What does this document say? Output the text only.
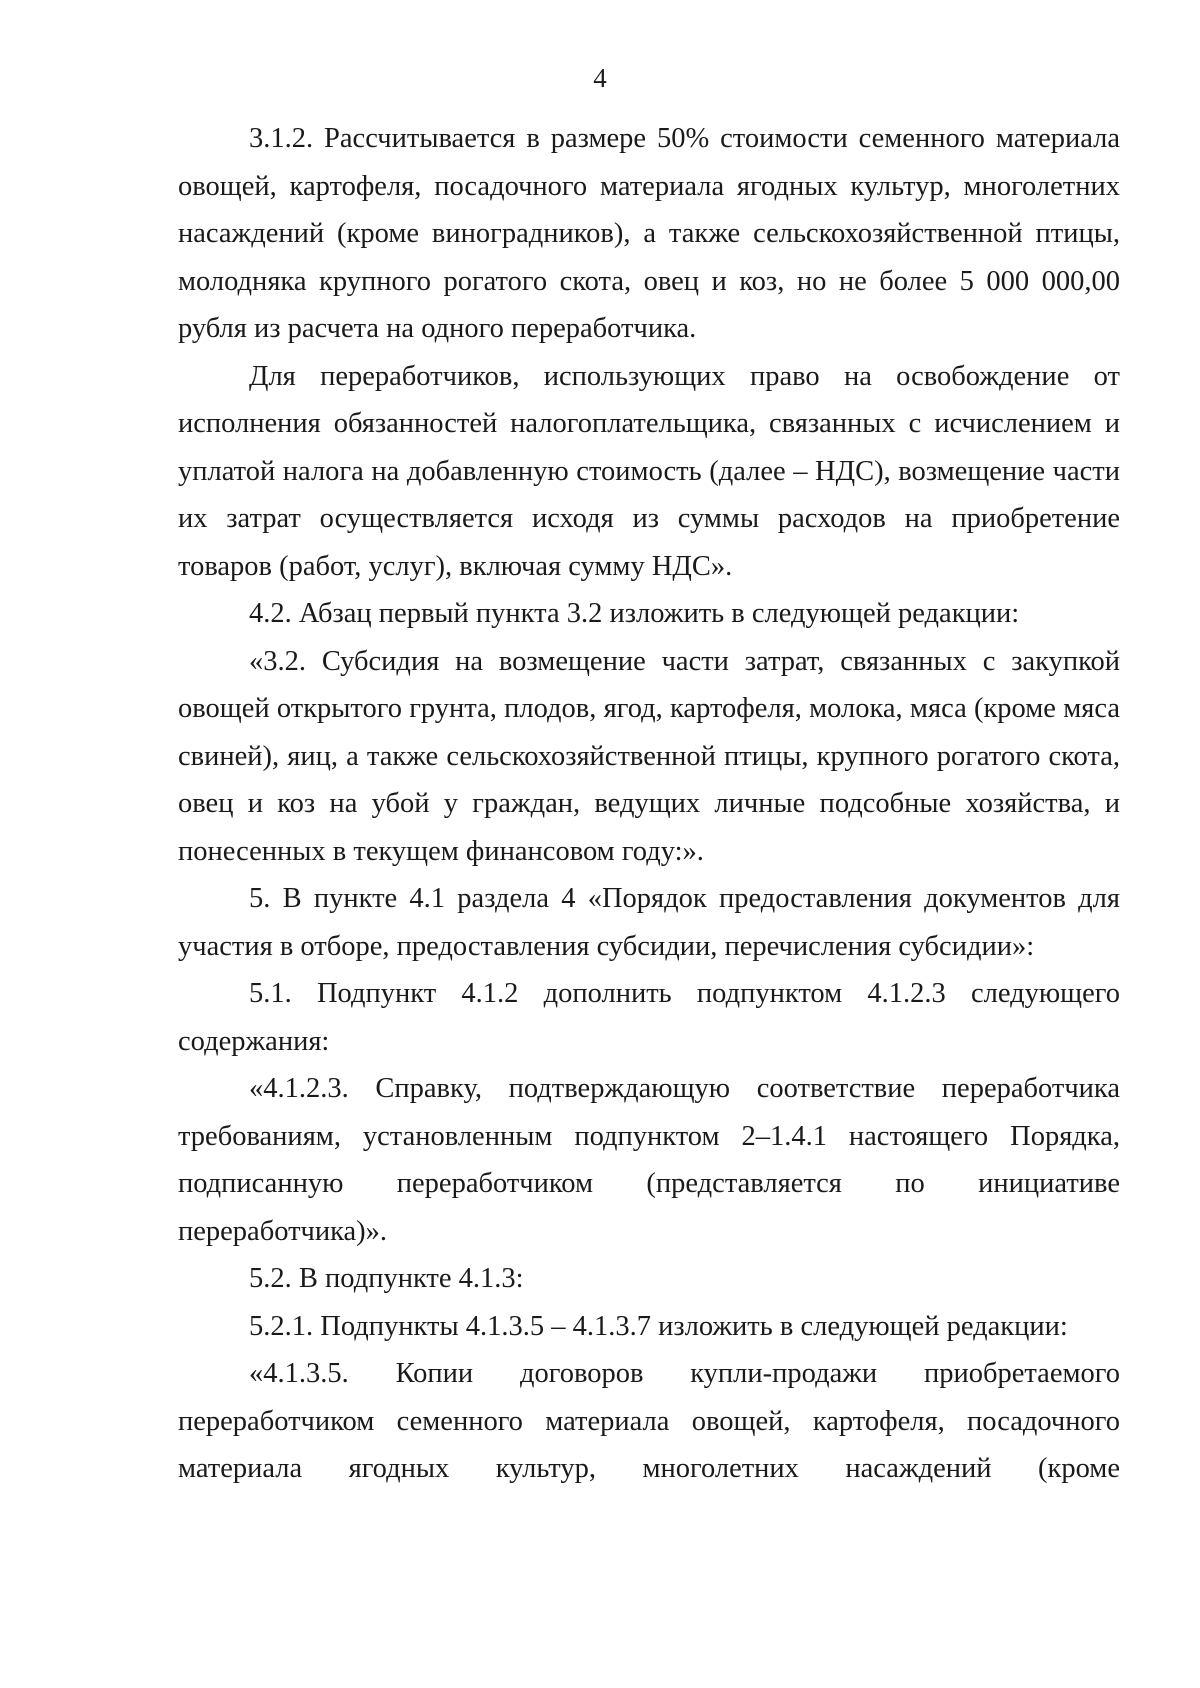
4

3.1.2. Рассчитывается в размере 50% стоимости семенного материала овощей, картофеля, посадочного материала ягодных культур, многолетних насаждений (кроме виноградников), а также сельскохозяйственной птицы, молодняка крупного рогатого скота, овец и коз, но не более 5 000 000,00 рубля из расчета на одного переработчика.

Для переработчиков, использующих право на освобождение от исполнения обязанностей налогоплательщика, связанных с исчислением и уплатой налога на добавленную стоимость (далее – НДС), возмещение части их затрат осуществляется исходя из суммы расходов на приобретение товаров (работ, услуг), включая сумму НДС».

4.2. Абзац первый пункта 3.2 изложить в следующей редакции:

«3.2. Субсидия на возмещение части затрат, связанных с закупкой овощей открытого грунта, плодов, ягод, картофеля, молока, мяса (кроме мяса свиней), яиц, а также сельскохозяйственной птицы, крупного рогатого скота, овец и коз на убой у граждан, ведущих личные подсобные хозяйства, и понесенных в текущем финансовом году:».

5. В пункте 4.1 раздела 4 «Порядок предоставления документов для участия в отборе, предоставления субсидии, перечисления субсидии»:

5.1. Подпункт 4.1.2 дополнить подпунктом 4.1.2.3 следующего содержания:

«4.1.2.3. Справку, подтверждающую соответствие переработчика требованиям, установленным подпунктом 2–1.4.1 настоящего Порядка, подписанную переработчиком (представляется по инициативе переработчика)».

5.2. В подпункте 4.1.3:

5.2.1. Подпункты 4.1.3.5 – 4.1.3.7 изложить в следующей редакции:

«4.1.3.5. Копии договоров купли-продажи приобретаемого переработчиком семенного материала овощей, картофеля, посадочного материала ягодных культур, многолетних насаждений (кроме
